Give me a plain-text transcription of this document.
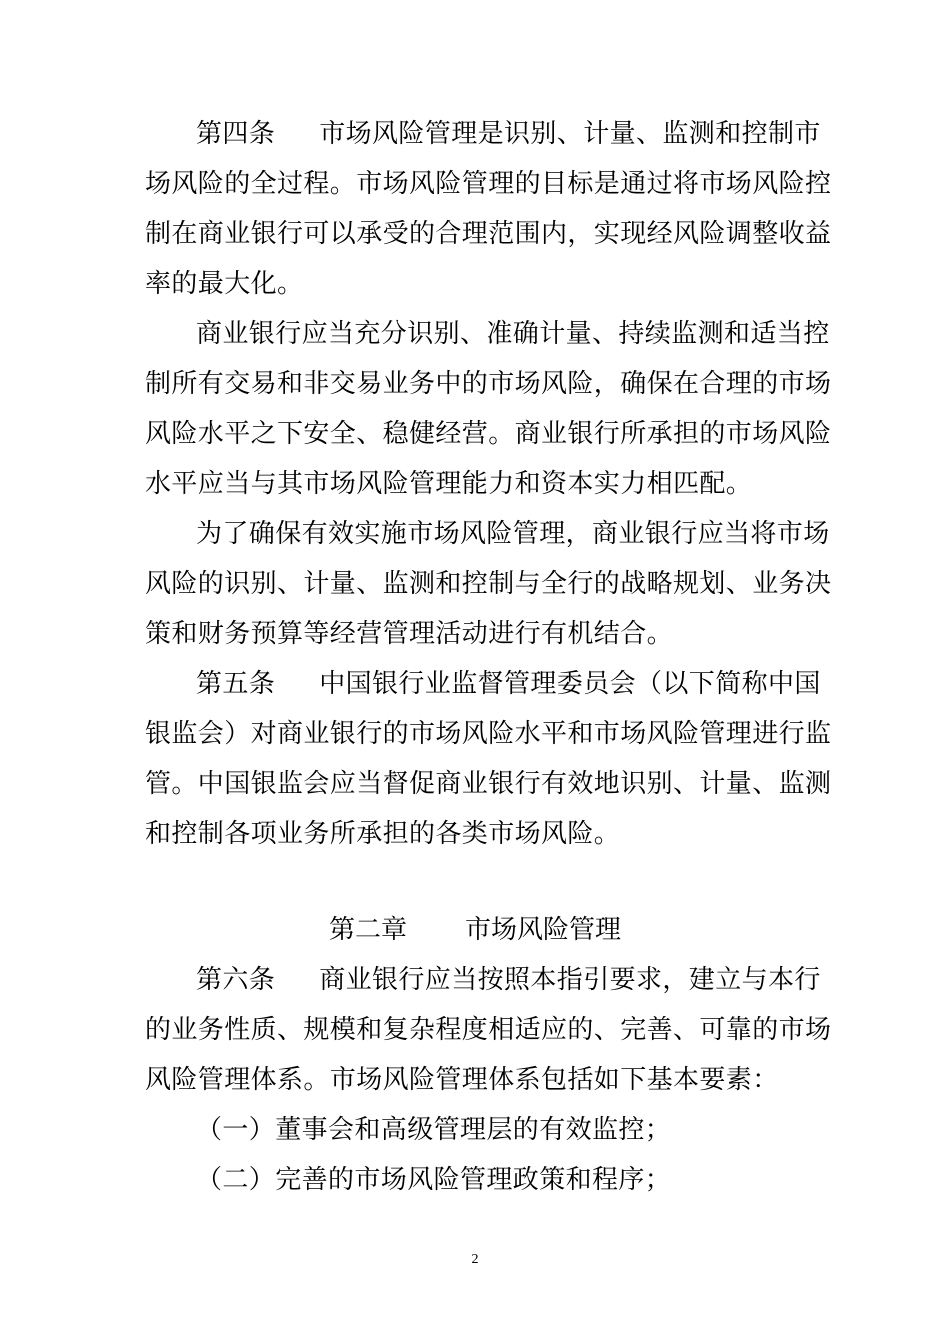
第四条 市场风险管理是识别、计量、监测和控制市
场风险的全过程。市场风险管理的目标是通过将市场风险控
制在商业银行可以承受的合理范围内，实现经风险调整收益
率的最大化。
商业银行应当充分识别、准确计量、持续监测和适当控
制所有交易和非交易业务中的市场风险，确保在合理的市场
风险水平之下安全、稳健经营。商业银行所承担的市场风险
水平应当与其市场风险管理能力和资本实力相匹配。
为了确保有效实施市场风险管理，商业银行应当将市场
风险的识别、计量、监测和控制与全行的战略规划、业务决
策和财务预算等经营管理活动进行有机结合。
第五条 中国银行业监督管理委员会（以下简称中国
银监会）对商业银行的市场风险水平和市场风险管理进行监
管。中国银监会应当督促商业银行有效地识别、计量、监测
和控制各项业务所承担的各类市场风险。
第二章 市场风险管理
第六条 商业银行应当按照本指引要求，建立与本行
的业务性质、规模和复杂程度相适应的、完善、可靠的市场
风险管理体系。市场风险管理体系包括如下基本要素：
（一）董事会和高级管理层的有效监控；
（二）完善的市场风险管理政策和程序；
2
